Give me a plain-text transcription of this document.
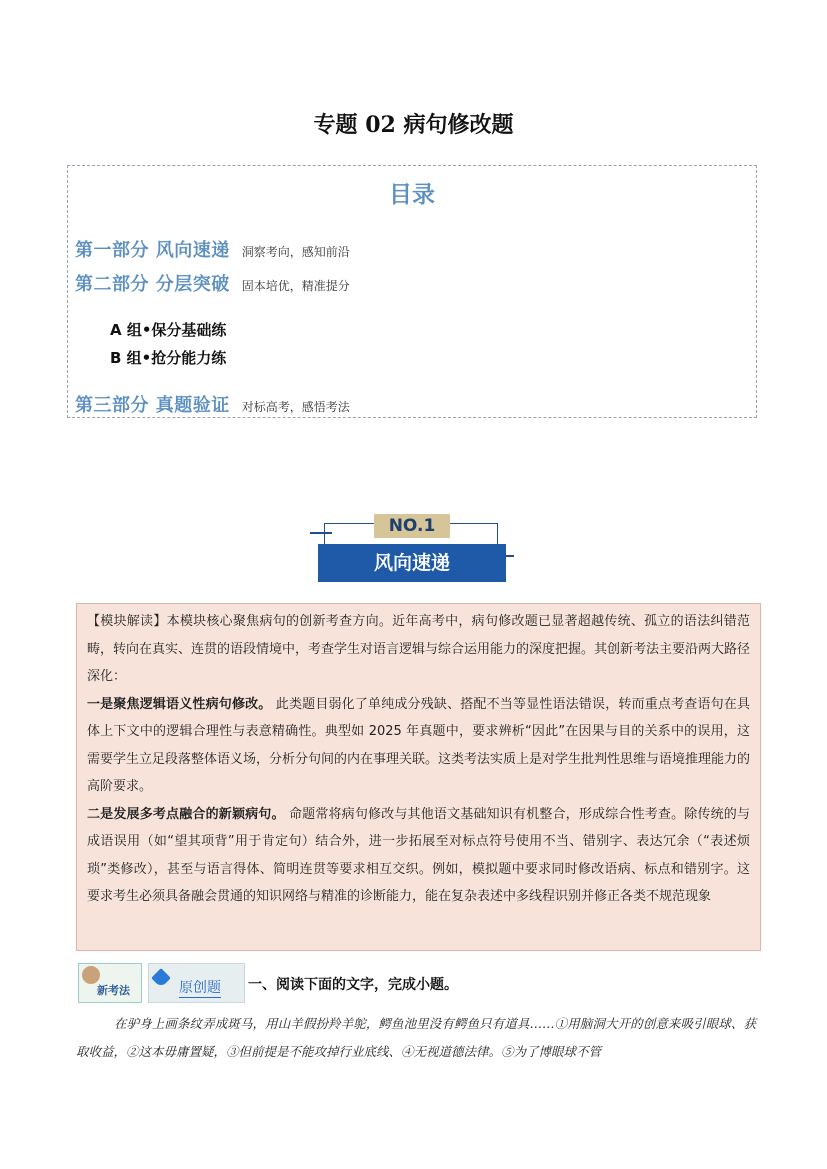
专题 02 病句修改题
目录
第一部分 风向速递 洞察考向，感知前沿
第二部分 分层突破 固本培优，精准提分
A 组•保分基础练
B 组•抢分能力练
第三部分 真题验证 对标高考，感悟考法
NO.1
风向速递

【模块解读】本模块核心聚焦病句的创新考查方向。近年高考中，病句修改题已显著超越传统、孤立的语法纠错范畴，转向在真实、连贯的语段情境中，考查学生对语言逻辑与综合运用能力的深度把握。其创新考法主要沿两大路径深化：

一是聚焦逻辑语义性病句修改。 此类题目弱化了单纯成分残缺、搭配不当等显性语法错误，转而重点考查语句在具体上下文中的逻辑合理性与表意精确性。典型如 2025 年真题中，要求辨析“因此”在因果与目的关系中的误用，这需要学生立足段落整体语义场，分析分句间的内在事理关联。这类考法实质上是对学生批判性思维与语境推理能力的高阶要求。

二是发展多考点融合的新颖病句。 命题常将病句修改与其他语文基础知识有机整合，形成综合性考查。除传统的与成语误用（如“望其项背”用于肯定句）结合外，进一步拓展至对标点符号使用不当、错别字、表达冗余（“表述烦琐”类修改），甚至与语言得体、简明连贯等要求相互交织。例如，模拟题中要求同时修改语病、标点和错别字。这要求考生必须具备融会贯通的知识网络与精准的诊断能力，能在复杂表述中多线程识别并修正各类不规范现象

新考法	原创题 一、阅读下面的文字，完成小题。
在驴身上画条纹弄成斑马，用山羊假扮羚羊鸵，鳄鱼池里没有鳄鱼只有道具……①用脑洞大开的创意来吸引眼球、获取收益，②这本毋庸置疑，③但前提是不能攻掉行业底线、④无视道德法律。⑤为了博眼球不管
